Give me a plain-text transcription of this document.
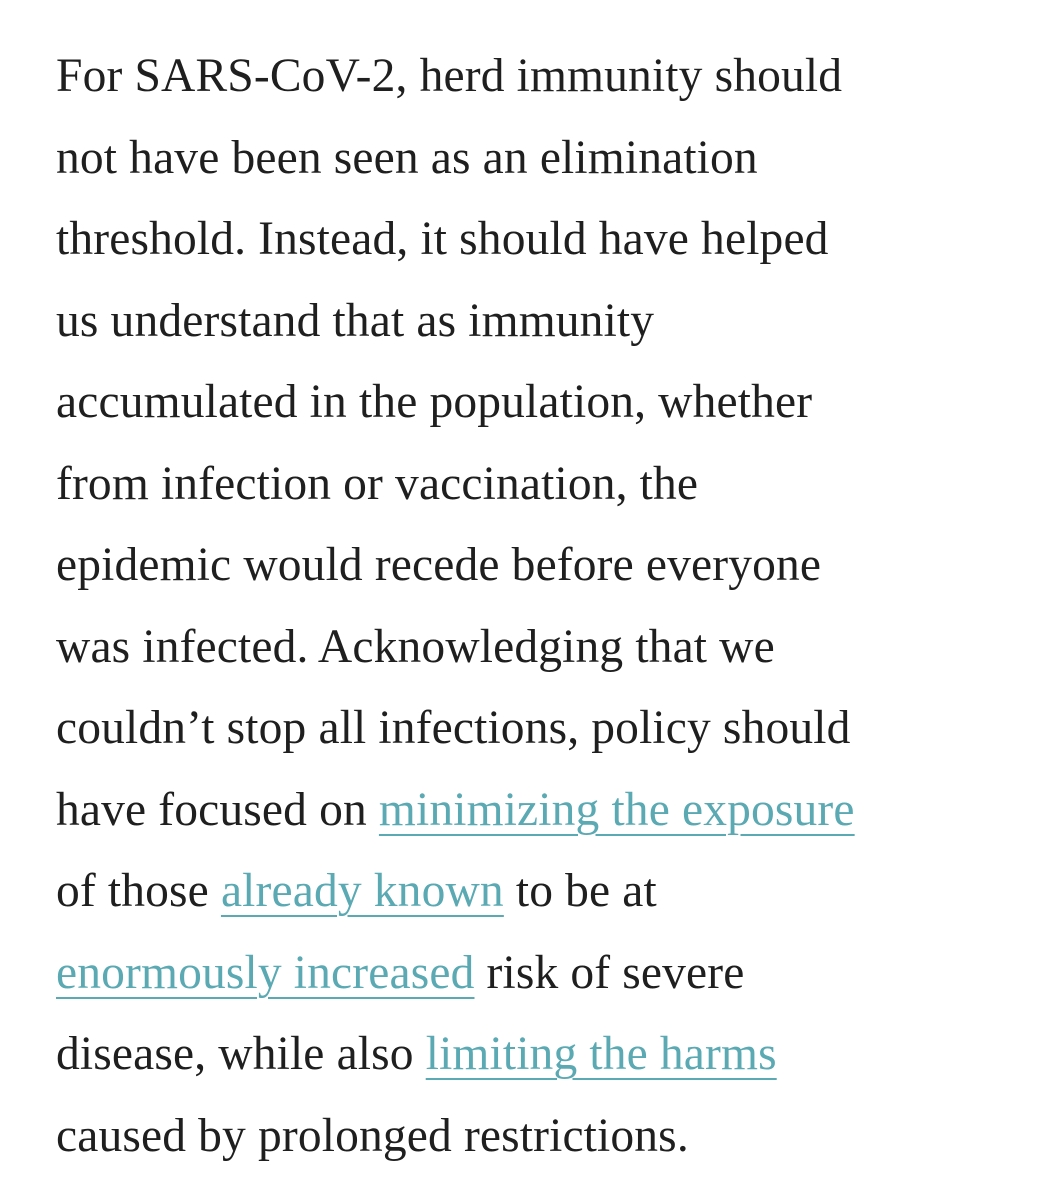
For SARS-CoV-2, herd immunity should
not have been seen as an elimination
threshold. Instead, it should have helped
us understand that as immunity
accumulated in the population, whether
from infection or vaccination, the
epidemic would recede before everyone
was infected. Acknowledging that we
couldn’t stop all infections, policy should
have focused on minimizing the exposure
of those already known to be at
enormously increased risk of severe
disease, while also limiting the harms
caused by prolonged restrictions.
